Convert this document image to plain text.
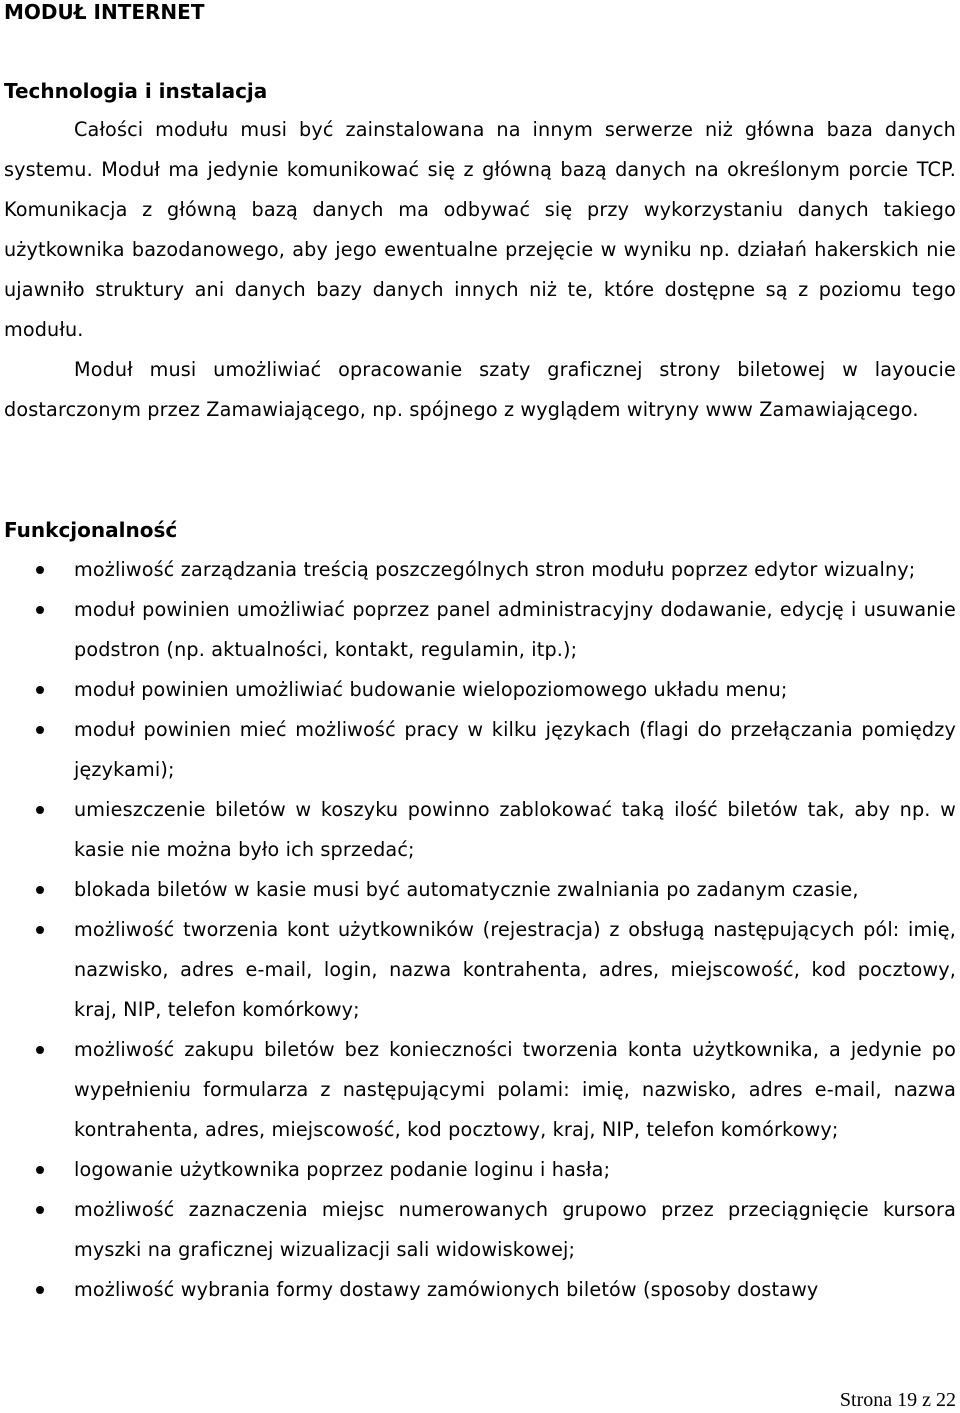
MODUŁ INTERNET
Technologia i instalacja

Całości modułu musi być zainstalowana na innym serwerze niż główna baza danych systemu. Moduł ma jedynie komunikować się z główną bazą danych na określonym porcie TCP. Komunikacja z główną bazą danych ma odbywać się przy wykorzystaniu danych takiego użytkownika bazodanowego, aby jego ewentualne przejęcie w wyniku np. działań hakerskich nie ujawniło struktury ani danych bazy danych innych niż te, które dostępne są z poziomu tego modułu.

Moduł musi umożliwiać opracowanie szaty graficznej strony biletowej w layoucie dostarczonym przez Zamawiającego, np. spójnego z wyglądem witryny www Zamawiającego.

Funkcjonalność
możliwość zarządzania treścią poszczególnych stron modułu poprzez edytor wizualny;
moduł powinien umożliwiać poprzez panel administracyjny dodawanie, edycję i usuwanie podstron (np. aktualności, kontakt, regulamin, itp.);
moduł powinien umożliwiać budowanie wielopoziomowego układu menu;
moduł powinien mieć możliwość pracy w kilku językach (flagi do przełączania pomiędzy językami);
umieszczenie biletów w koszyku powinno zablokować taką ilość biletów tak, aby np. w kasie nie można było ich sprzedać;
blokada biletów w kasie musi być automatycznie zwalniania po zadanym czasie,
możliwość tworzenia kont użytkowników (rejestracja) z obsługą następujących pól: imię, nazwisko, adres e-mail, login, nazwa kontrahenta, adres, miejscowość, kod pocztowy, kraj, NIP, telefon komórkowy;
możliwość zakupu biletów bez konieczności tworzenia konta użytkownika, a jedynie po wypełnieniu formularza z następującymi polami: imię, nazwisko, adres e-mail, nazwa kontrahenta, adres, miejscowość, kod pocztowy, kraj, NIP, telefon komórkowy;
logowanie użytkownika poprzez podanie loginu i hasła;
możliwość zaznaczenia miejsc numerowanych grupowo przez przeciągnięcie kursora myszki na graficznej wizualizacji sali widowiskowej;
możliwość wybrania formy dostawy zamówionych biletów (sposoby dostawy
Strona 19 z 22
